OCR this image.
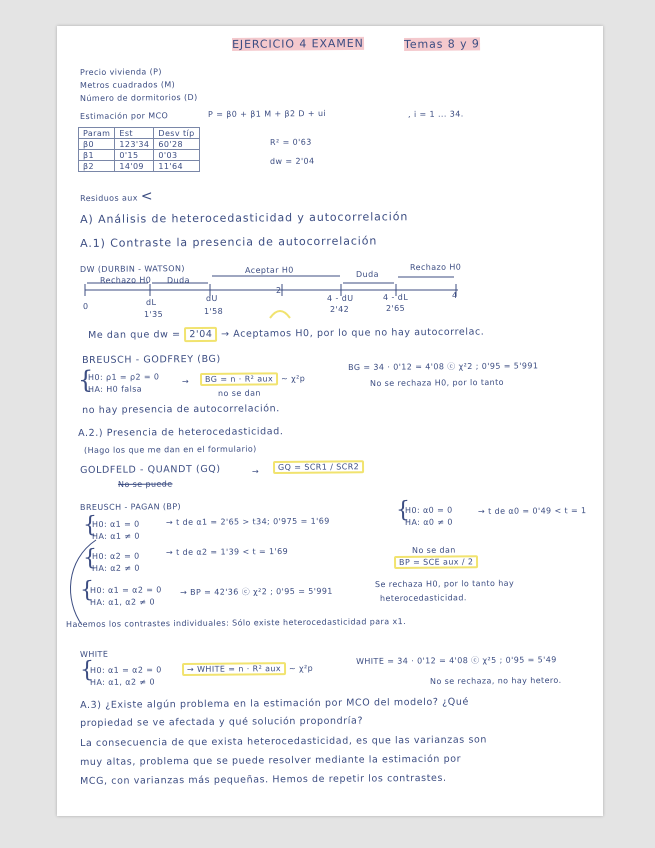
EJERCICIO 4 EXAMEN	Temas 8 y 9
Precio vivienda (P)
Metros cuadrados (M)
Número de dormitorios (D)
Estimación por MCO	P = β0 + β1 M + β2 D + ui	, i = 1 ... 34.
Param	Est	Desv típ
β0	123'34	60'28
β1	0'15	0'03
β2	14'09	11'64
R² = 0'63
dw = 2'04
Residuos aux <
A) Análisis de heterocedasticidad y autocorrelación
A.1) Contraste la presencia de autocorrelación
DW (DURBIN - WATSON)
Rechazo H0 Duda
Aceptar H0	Duda
Rechazo H0
0	dL	dU
2
4 - dU	4 - dL	4
1'35	1'58	2'42	2'65
Me dan que dw = 2'04 → Aceptamos H0, por lo que no hay autocorrelac.
BREUSCH - GODFREY (BG)
H0: ρ1 = ρ2 = 0
HA: H0 falsa
{	→	BG = n · R² aux ~ χ²p
no se dan
BG = 34 · 0'12 = 4'08 ⓒ χ²2 ; 0'95 = 5'991
No se rechaza H0, por lo tanto
no hay presencia de autocorrelación.
A.2.) Presencia de heterocedasticidad.
(Hago los que me dan en el formulario)
GOLDFELD - QUANDT (GQ)	→	GQ = SCR1 / SCR2
No se puede
BREUSCH - PAGAN (BP)
{
H0: α1 = 0
HA: α1 ≠ 0
→ t de α1 = 2'65 > t34; 0'975 = 1'69
{
H0: α2 = 0
HA: α2 ≠ 0
→ t de α2 = 1'39 < t = 1'69
{
H0: α0 = 0
HA: α0 ≠ 0
→ t de α0 = 0'49 < t = 1
No se dan
BP = SCE aux / 2
{
H0: α1 = α2 = 0
HA: α1, α2 ≠ 0
→ BP = 42'36 ⓒ χ²2 ; 0'95 = 5'991
Se rechaza H0, por lo tanto hay
heterocedasticidad.
Hacemos los contrastes individuales: Sólo existe heterocedasticidad para x1.
WHITE
{
H0: α1 = α2 = 0
HA: α1, α2 ≠ 0
→ WHITE = n · R² aux ~ χ²p
WHITE = 34 · 0'12 = 4'08 ⓒ χ²5 ; 0'95 = 5'49
No se rechaza, no hay hetero.
A.3) ¿Existe algún problema en la estimación por MCO del modelo? ¿Qué
propiedad se ve afectada y qué solución propondría?
La consecuencia de que exista heterocedasticidad, es que las varianzas son
muy altas, problema que se puede resolver mediante la estimación por
MCG, con varianzas más pequeñas. Hemos de repetir los contrastes.
